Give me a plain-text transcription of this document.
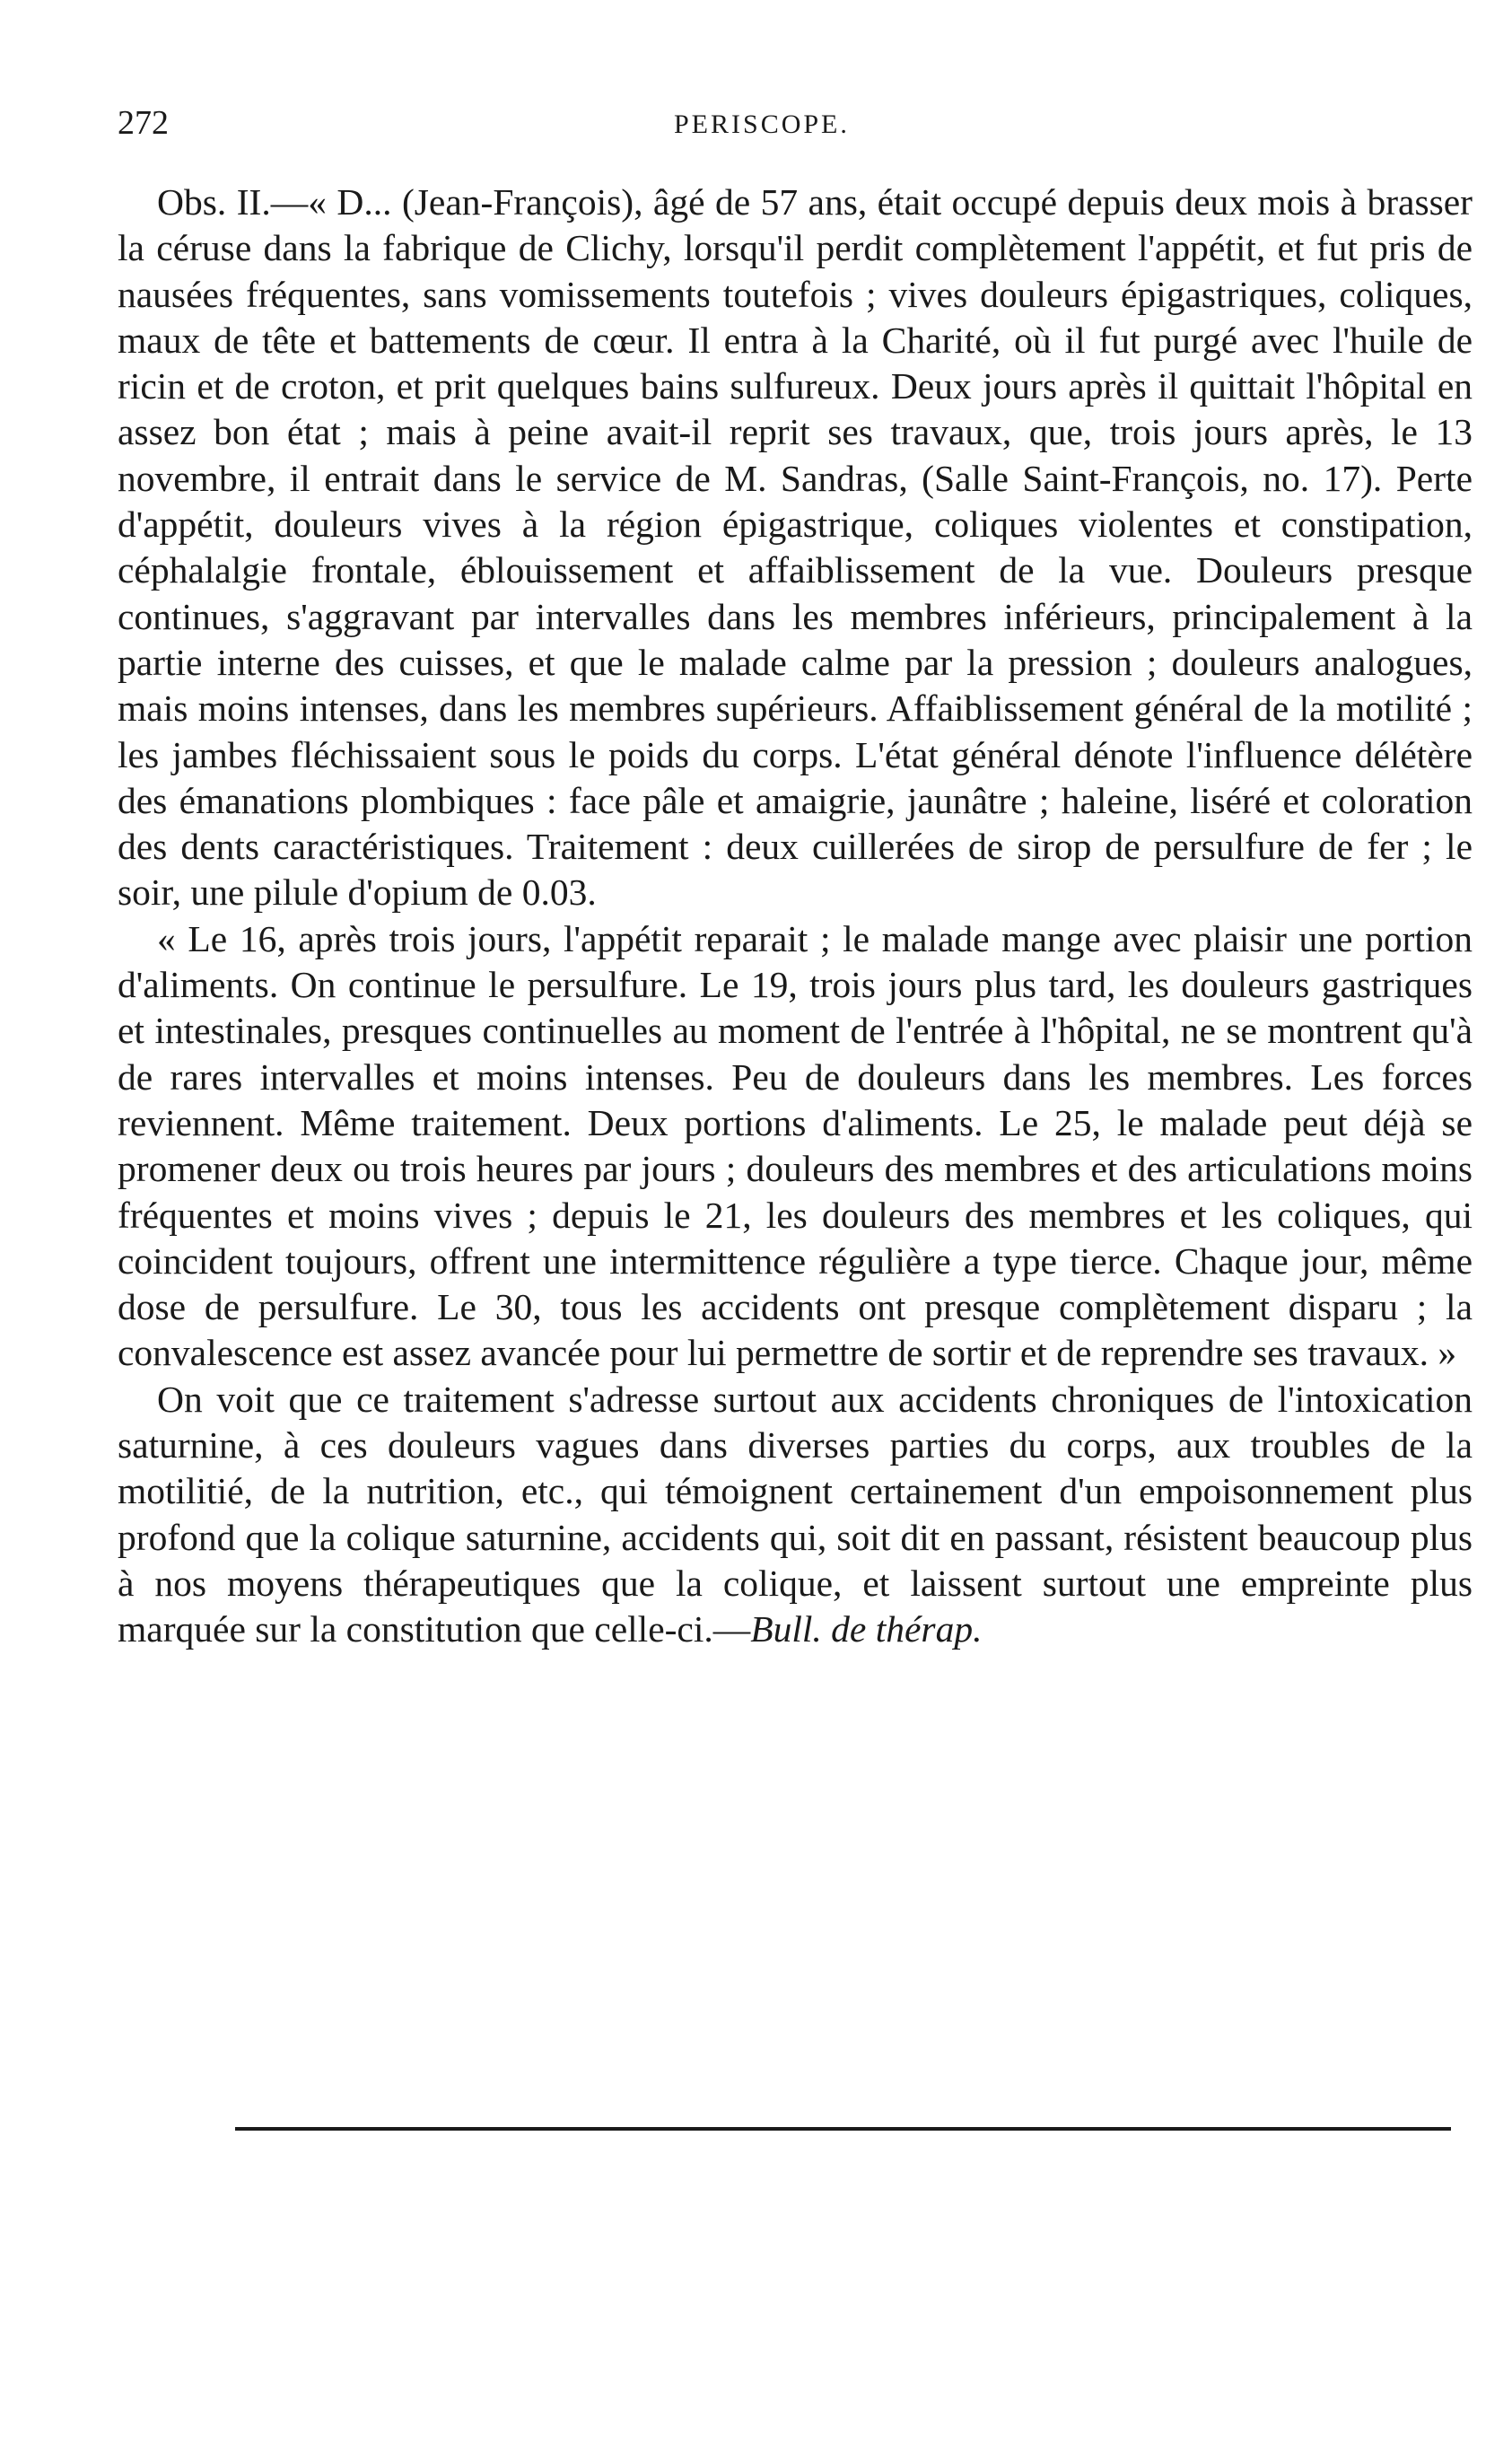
272	PERISCOPE.

Obs. II.—« D... (Jean-François), âgé de 57 ans, était occupé depuis deux mois à brasser la céruse dans la fabrique de Clichy, lorsqu'il perdit complètement l'appétit, et fut pris de nausées fréquentes, sans vomissements toutefois ; vives douleurs épigastriques, coliques, maux de tête et battements de cœur. Il entra à la Charité, où il fut purgé avec l'huile de ricin et de croton, et prit quelques bains sulfureux. Deux jours après il quittait l'hôpital en assez bon état ; mais à peine avait-il reprit ses travaux, que, trois jours après, le 13 novembre, il entrait dans le service de M. Sandras, (Salle Saint-François, no. 17). Perte d'appétit, douleurs vives à la région épigastrique, coliques violentes et constipation, céphalalgie frontale, éblouissement et affaiblissement de la vue. Douleurs presque continues, s'aggravant par intervalles dans les membres inférieurs, principalement à la partie interne des cuisses, et que le malade calme par la pression ; douleurs analogues, mais moins intenses, dans les membres supérieurs. Affaiblissement général de la motilité ; les jambes fléchissaient sous le poids du corps. L'état général dénote l'influence délétère des émanations plombiques : face pâle et amaigrie, jaunâtre ; haleine, liséré et coloration des dents caractéristiques. Traitement : deux cuillerées de sirop de persulfure de fer ; le soir, une pilule d'opium de 0.03.

« Le 16, après trois jours, l'appétit reparait ; le malade mange avec plaisir une portion d'aliments. On continue le persulfure. Le 19, trois jours plus tard, les douleurs gastriques et intestinales, presques continuelles au moment de l'entrée à l'hôpital, ne se montrent qu'à de rares intervalles et moins intenses. Peu de douleurs dans les membres. Les forces reviennent. Même traitement. Deux portions d'aliments. Le 25, le malade peut déjà se promener deux ou trois heures par jours ; douleurs des membres et des articulations moins fréquentes et moins vives ; depuis le 21, les douleurs des membres et les coliques, qui coincident toujours, offrent une intermittence régulière a type tierce. Chaque jour, même dose de persulfure. Le 30, tous les accidents ont presque complètement disparu ; la convalescence est assez avancée pour lui permettre de sortir et de reprendre ses travaux. »

On voit que ce traitement s'adresse surtout aux accidents chroniques de l'intoxication saturnine, à ces douleurs vagues dans diverses parties du corps, aux troubles de la motilitié, de la nutrition, etc., qui témoignent certainement d'un empoisonnement plus profond que la colique saturnine, accidents qui, soit dit en passant, résistent beaucoup plus à nos moyens thérapeutiques que la colique, et laissent surtout une empreinte plus marquée sur la constitution que celle-ci.—Bull. de thérap.
